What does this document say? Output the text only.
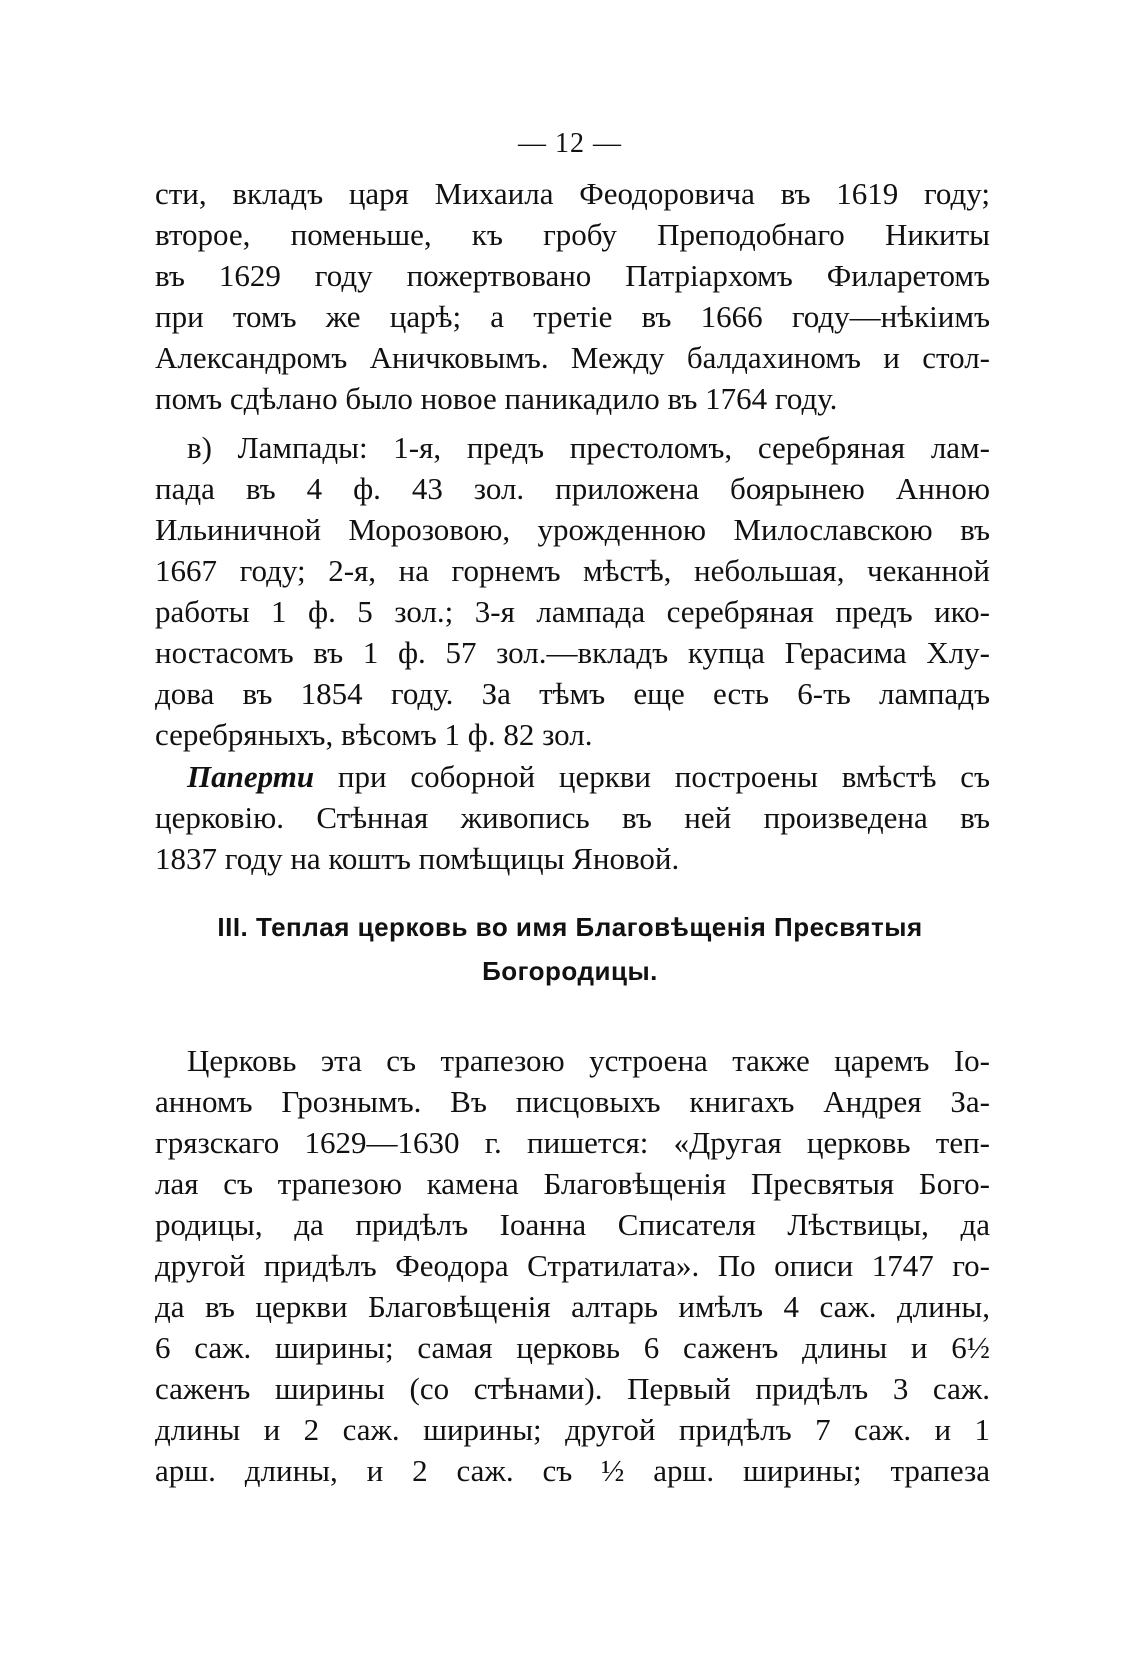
— 12 —
сти, вкладъ царя Михаила Феодоровича въ 1619 году;
второе, поменьше, къ гробу Преподобнаго Никиты
въ 1629 году пожертвовано Патріархомъ Филаретомъ
при томъ же царѣ; а третіе въ 1666 году—нѣкіимъ
Александромъ Аничковымъ. Между балдахиномъ и стол-
помъ сдѣлано было новое паникадило въ 1764 году.
в) Лампады: 1-я, предъ престоломъ, серебряная лам-
пада въ 4 ф. 43 зол. приложена боярынею Анною
Ильиничной Морозовою, урожденною Милославскою въ
1667 году; 2-я, на горнемъ мѣстѣ, небольшая, чеканной
работы 1 ф. 5 зол.; 3-я лампада серебряная предъ ико-
ностасомъ въ 1 ф. 57 зол.—вкладъ купца Герасима Хлу-
дова въ 1854 году. За тѣмъ еще есть 6-ть лампадъ
серебряныхъ, вѣсомъ 1 ф. 82 зол.
Паперти при соборной церкви построены вмѣстѣ съ
церковію. Стѣнная живопись въ ней произведена въ
1837 году на коштъ помѣщицы Яновой.
III. Теплая церковь во имя Благовѣщенія Пресвятыя
Богородицы.
Церковь эта съ трапезою устроена также царемъ Іо-
анномъ Грознымъ. Въ писцовыхъ книгахъ Андрея За-
грязскаго 1629—1630 г. пишется: «Другая церковь теп-
лая съ трапезою камена Благовѣщенія Пресвятыя Бого-
родицы, да придѣлъ Іоанна Списателя Лѣствицы, да
другой придѣлъ Феодора Стратилата». По описи 1747 го-
да въ церкви Благовѣщенія алтарь имѣлъ 4 саж. длины,
6 саж. ширины; самая церковь 6 саженъ длины и 6½
саженъ ширины (со стѣнами). Первый придѣлъ 3 саж.
длины и 2 саж. ширины; другой придѣлъ 7 саж. и 1
арш. длины, и 2 саж. съ ½ арш. ширины; трапеза
